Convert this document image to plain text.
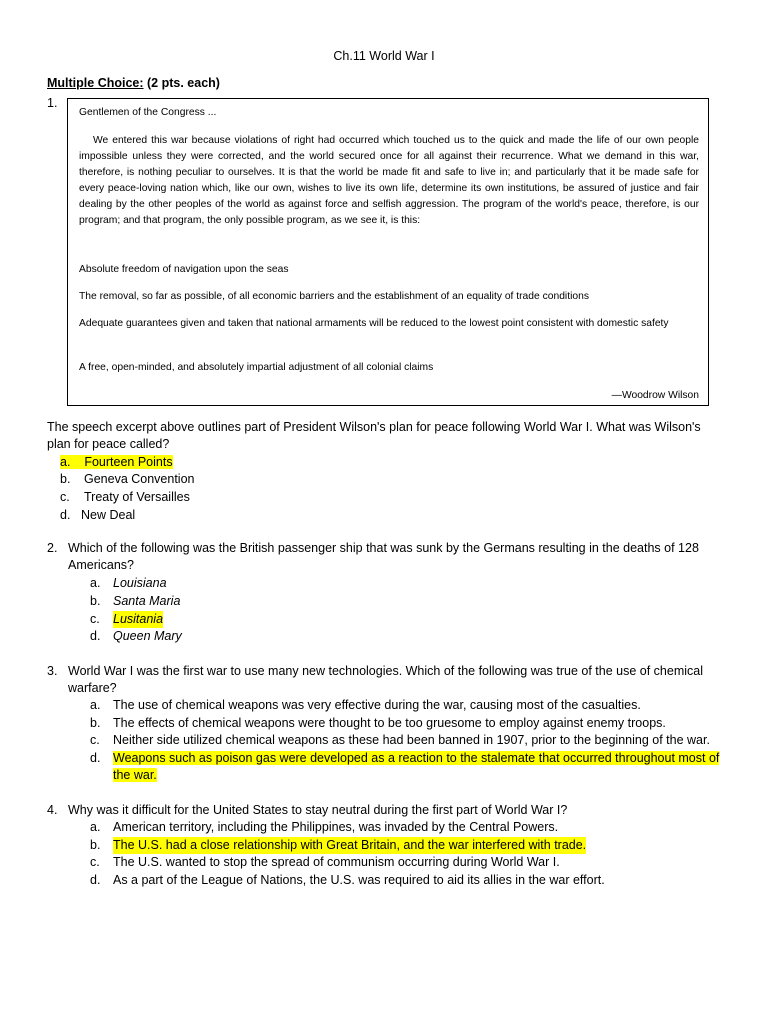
Ch.11 World War I
Multiple Choice: (2 pts. each)
1.
Gentlemen of the Congress ...
We entered this war because violations of right had occurred which touched us to the quick and made the life of our own people impossible unless they were corrected, and the world secured once for all against their recurrence. What we demand in this war, therefore, is nothing peculiar to ourselves. It is that the world be made fit and safe to live in; and particularly that it be made safe for every peace-loving nation which, like our own, wishes to live its own life, determine its own institutions, be assured of justice and fair dealing by the other peoples of the world as against force and selfish aggression. The program of the world's peace, therefore, is our program; and that program, the only possible program, as we see it, is this:
Absolute freedom of navigation upon the seas
The removal, so far as possible, of all economic barriers and the establishment of an equality of trade conditions
Adequate guarantees given and taken that national armaments will be reduced to the lowest point consistent with domestic safety
A free, open-minded, and absolutely impartial adjustment of all colonial claims
—Woodrow Wilson
The speech excerpt above outlines part of President Wilson's plan for peace following World War I. What was Wilson's plan for peace called?
a. Fourteen Points
b. Geneva Convention
c. Treaty of Versailles
d. New Deal
2. Which of the following was the British passenger ship that was sunk by the Germans resulting in the deaths of 128 Americans?
a. Louisiana
b. Santa Maria
c. Lusitania
d. Queen Mary
3. World War I was the first war to use many new technologies. Which of the following was true of the use of chemical warfare?
a. The use of chemical weapons was very effective during the war, causing most of the casualties.
b. The effects of chemical weapons were thought to be too gruesome to employ against enemy troops.
c. Neither side utilized chemical weapons as these had been banned in 1907, prior to the beginning of the war.
d. Weapons such as poison gas were developed as a reaction to the stalemate that occurred throughout most of the war.
4. Why was it difficult for the United States to stay neutral during the first part of World War I?
a. American territory, including the Philippines, was invaded by the Central Powers.
b. The U.S. had a close relationship with Great Britain, and the war interfered with trade.
c. The U.S. wanted to stop the spread of communism occurring during World War I.
d. As a part of the League of Nations, the U.S. was required to aid its allies in the war effort.
